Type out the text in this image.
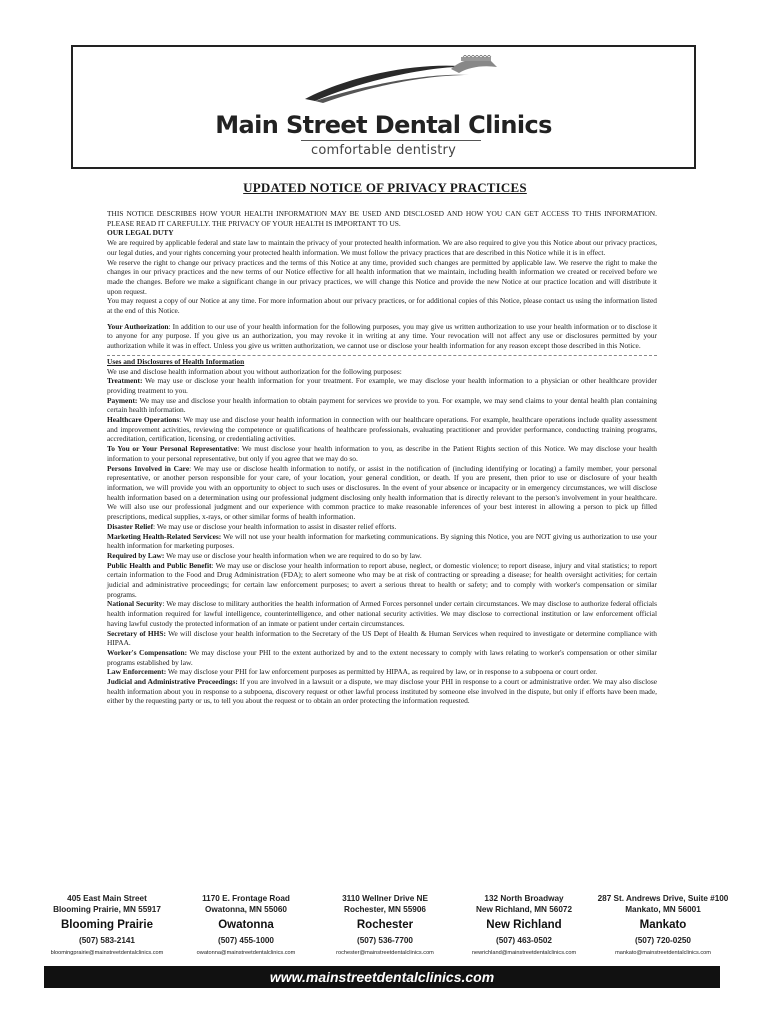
Main Street Dental Clinics
comfortable dentistry
UPDATED NOTICE OF PRIVACY PRACTICES

THIS NOTICE DESCRIBES HOW YOUR HEALTH INFORMATION MAY BE USED AND DISCLOSED AND HOW YOU CAN GET ACCESS TO THIS INFORMATION. PLEASE READ IT CAREFULLY. THE PRIVACY OF YOUR HEALTH IS IMPORTANT TO US.

OUR LEGAL DUTY

We are required by applicable federal and state law to maintain the privacy of your protected health information. We are also required to give you this Notice about our privacy practices, our legal duties, and your rights concerning your protected health information. We must follow the privacy practices that are described in this Notice while it is in effect.

We reserve the right to change our privacy practices and the terms of this Notice at any time, provided such changes are permitted by applicable law. We reserve the right to make the changes in our privacy practices and the new terms of our Notice effective for all health information that we maintain, including health information we created or received before we made the changes. Before we make a significant change in our privacy practices, we will change this Notice and provide the new Notice at our practice location and will distribute it upon request.

You may request a copy of our Notice at any time. For more information about our privacy practices, or for additional copies of this Notice, please contact us using the information listed at the end of this Notice.

Your Authorization: In addition to our use of your health information for the following purposes, you may give us written authorization to use your health information or to disclose it to anyone for any purpose. If you give us an authorization, you may revoke it in writing at any time. Your revocation will not affect any use or disclosures permitted by your authorization while it was in effect. Unless you give us written authorization, we cannot use or disclose your health information for any reason except those described in this Notice.

Uses and Disclosures of Health Information

We use and disclose health information about you without authorization for the following purposes:

Treatment: We may use or disclose your health information for your treatment. For example, we may disclose your health information to a physician or other healthcare provider providing treatment to you.

Payment: We may use and disclose your health information to obtain payment for services we provide to you. For example, we may send claims to your dental health plan containing certain health information.

Healthcare Operations: We may use and disclose your health information in connection with our healthcare operations. For example, healthcare operations include quality assessment and improvement activities, reviewing the competence or qualifications of healthcare professionals, evaluating practitioner and provider performance, conducting training programs, accreditation, certification, licensing, or credentialing activities.

To You or Your Personal Representative: We must disclose your health information to you, as describe in the Patient Rights section of this Notice. We may disclose your health information to your personal representative, but only if you agree that we may do so.

Persons Involved in Care: We may use or disclose health information to notify, or assist in the notification of (including identifying or locating) a family member, your personal representative, or another person responsible for your care, of your location, your general condition, or death. If you are present, then prior to use or disclosure of your health information, we will provide you with an opportunity to object to such uses or disclosures. In the event of your absence or incapacity or in emergency circumstances, we will disclose health information based on a determination using our professional judgment disclosing only health information that is directly relevant to the person's involvement in your healthcare. We will also use our professional judgment and our experience with common practice to make reasonable inferences of your best interest in allowing a person to pick up filled prescriptions, medical supplies, x-rays, or other similar forms of health information.

Disaster Relief: We may use or disclose your health information to assist in disaster relief efforts.

Marketing Health-Related Services: We will not use your health information for marketing communications. By signing this Notice, you are NOT giving us authorization to use your health information for marketing purposes.

Required by Law: We may use or disclose your health information when we are required to do so by law.

Public Health and Public Benefit: We may use or disclose your health information to report abuse, neglect, or domestic violence; to report disease, injury and vital statistics; to report certain information to the Food and Drug Administration (FDA); to alert someone who may be at risk of contracting or spreading a disease; for health oversight activities; for certain judicial and administrative proceedings; for certain law enforcement purposes; to avert a serious threat to health or safety; and to comply with worker's compensation or similar programs.

National Security: We may disclose to military authorities the health information of Armed Forces personnel under certain circumstances. We may disclose to authorize federal officials health information required for lawful intelligence, counterintelligence, and other national security activities. We may disclose to correctional institution or law enforcement official having lawful custody the protected information of an inmate or patient under certain circumstances.

Secretary of HHS: We will disclose your health information to the Secretary of the US Dept of Health & Human Services when required to investigate or determine compliance with HIPAA.

Worker's Compensation: We may disclose your PHI to the extent authorized by and to the extent necessary to comply with laws relating to worker's compensation or other similar programs established by law.

Law Enforcement: We may disclose your PHI for law enforcement purposes as permitted by HIPAA, as required by law, or in response to a subpoena or court order.

Judicial and Administrative Proceedings: If you are involved in a lawsuit or a dispute, we may disclose your PHI in response to a court or administrative order. We may also disclose health information about you in response to a subpoena, discovery request or other lawful process instituted by someone else involved in the dispute, but only if efforts have been made, either by the requesting party or us, to tell you about the request or to obtain an order protecting the information requested.

405 East Main Street
Blooming Prairie, MN 55917
Blooming Prairie
(507) 583-2141
bloomingprairie@mainstreetdentalclinics.com
1170 E. Frontage Road
Owatonna, MN 55060
Owatonna
(507) 455-1000
owatonna@mainstreetdentalclinics.com
3110 Wellner Drive NE
Rochester, MN 55906
Rochester
(507) 536-7700
rochester@mainstreetdentalclinics.com
132 North Broadway
New Richland, MN 56072
New Richland
(507) 463-0502
newrichland@mainstreetdentalclinics.com
287 St. Andrews Drive, Suite #100
Mankato, MN 56001
Mankato
(507) 720-0250
mankato@mainstreetdentalclinics.com
www.mainstreetdentalclinics.com
